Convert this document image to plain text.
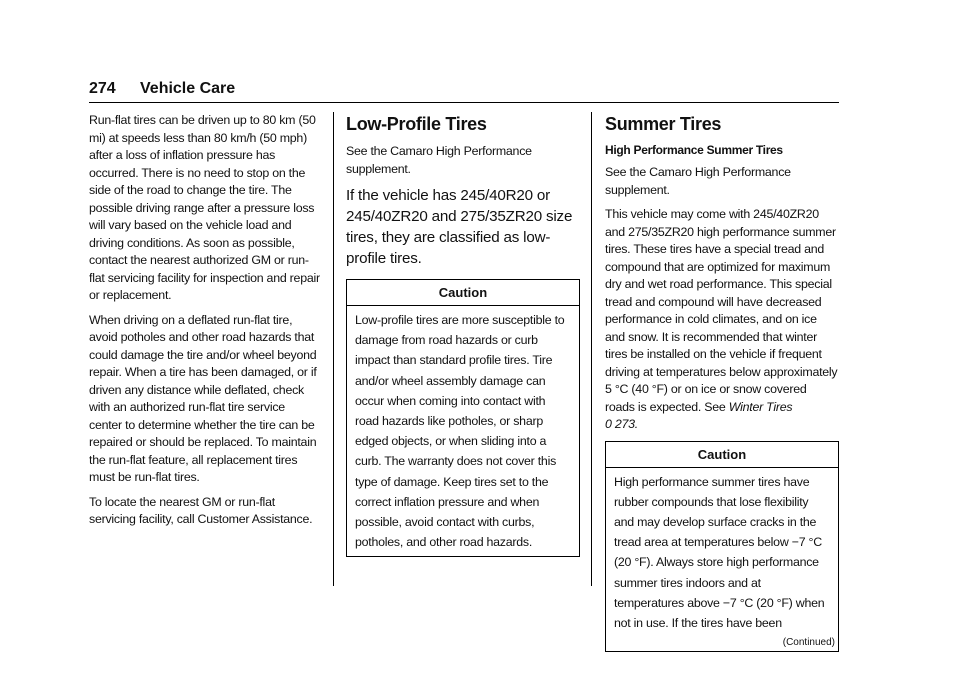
274 Vehicle Care

Run-flat tires can be driven up to 80 km (50 mi) at speeds less than 80 km/h (50 mph) after a loss of inflation pressure has occurred. There is no need to stop on the side of the road to change the tire. The possible driving range after a pressure loss will vary based on the vehicle load and driving conditions. As soon as possible, contact the nearest authorized GM or run-flat servicing facility for inspection and repair or replacement.

When driving on a deflated run-flat tire, avoid potholes and other road hazards that could damage the tire and/or wheel beyond repair. When a tire has been damaged, or if driven any distance while deflated, check with an authorized run-flat tire service center to determine whether the tire can be repaired or should be replaced. To maintain the run-flat feature, all replacement tires must be run-flat tires.

To locate the nearest GM or run-flat servicing facility, call Customer Assistance.

Low-Profile Tires

See the Camaro High Performance supplement.

If the vehicle has 245/40R20 or 245/40ZR20 and 275/35ZR20 size tires, they are classified as low-profile tires.
Caution
Low-profile tires are more susceptible to damage from road hazards or curb impact than standard profile tires. Tire and/or wheel assembly damage can occur when coming into contact with road hazards like potholes, or sharp edged objects, or when sliding into a curb. The warranty does not cover this type of damage. Keep tires set to the correct inflation pressure and when possible, avoid contact with curbs, potholes, and other road hazards.
Summer Tires
High Performance Summer Tires

See the Camaro High Performance supplement.

This vehicle may come with 245/40ZR20 and 275/35ZR20 high performance summer tires. These tires have a special tread and compound that are optimized for maximum dry and wet road performance. This special tread and compound will have decreased performance in cold climates, and on ice and snow. It is recommended that winter tires be installed on the vehicle if frequent driving at temperatures below approximately 5 °C (40 °F) or on ice or snow covered roads is expected. See Winter Tires
0 273.

Caution
High performance summer tires have rubber compounds that lose flexibility and may develop surface cracks in the tread area at temperatures below −7 °C (20 °F). Always store high performance summer tires indoors and at temperatures above −7 °C (20 °F) when not in use. If the tires have been
(Continued)
